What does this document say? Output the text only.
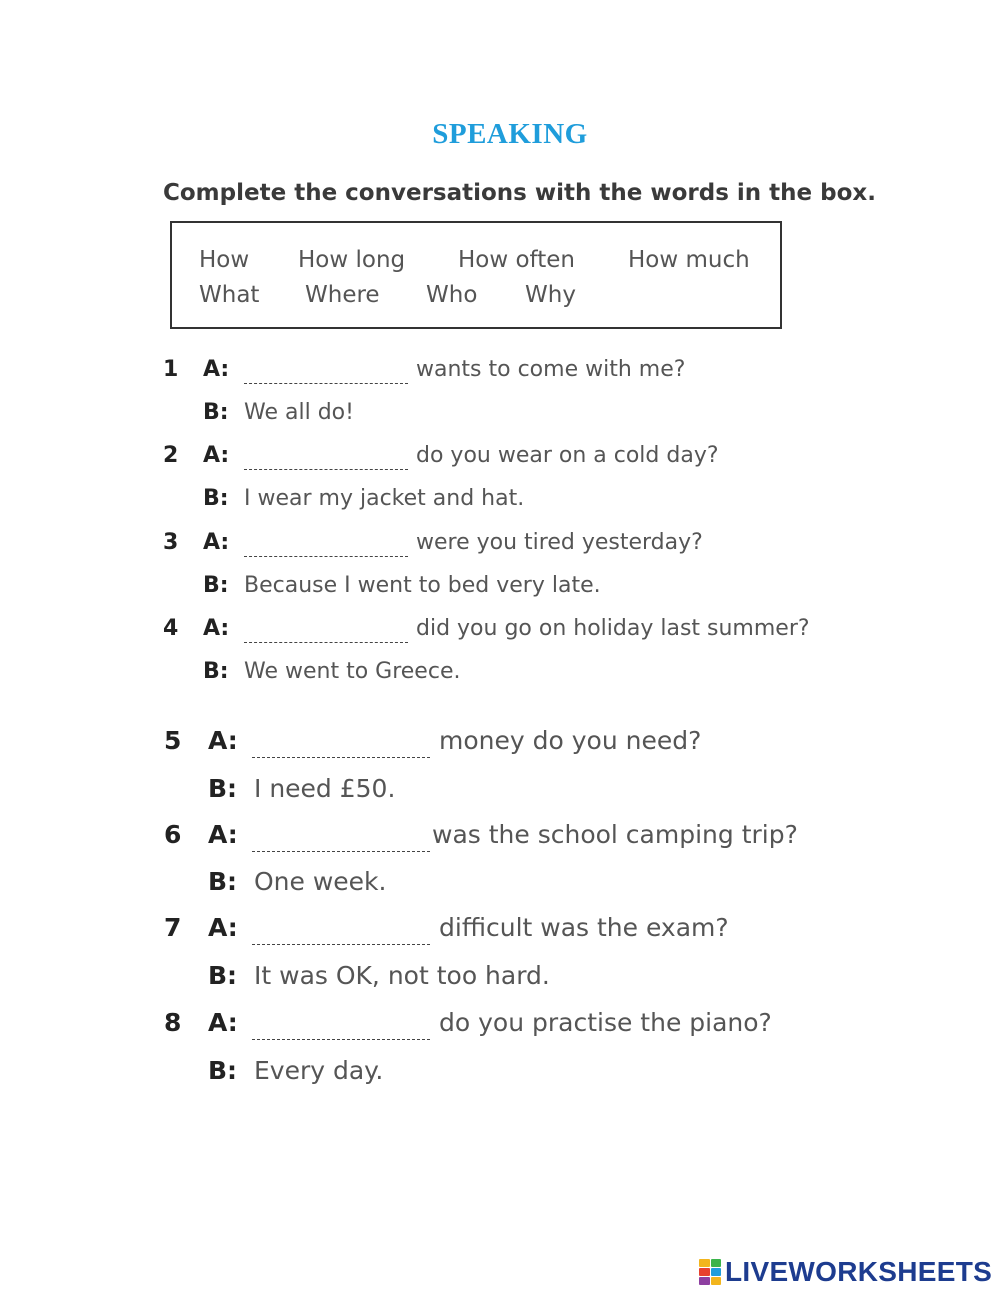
SPEAKING
Complete the conversations with the words in the box.
How How long How often How much
What Where Who Why
1 A:	wants to come with me?
B: We all do!
2 A:	do you wear on a cold day?
B: I wear my jacket and hat.
3 A:	were you tired yesterday?
B: Because I went to bed very late.
4 A:	did you go on holiday last summer?
B: We went to Greece.
5 A:	money do you need?
B: I need £50.
6 A:	was the school camping trip?
B: One week.
7 A:	difficult was the exam?
B: It was OK, not too hard.
8 A:	do you practise the piano?
B: Every day.
LIVEWORKSHEETS
